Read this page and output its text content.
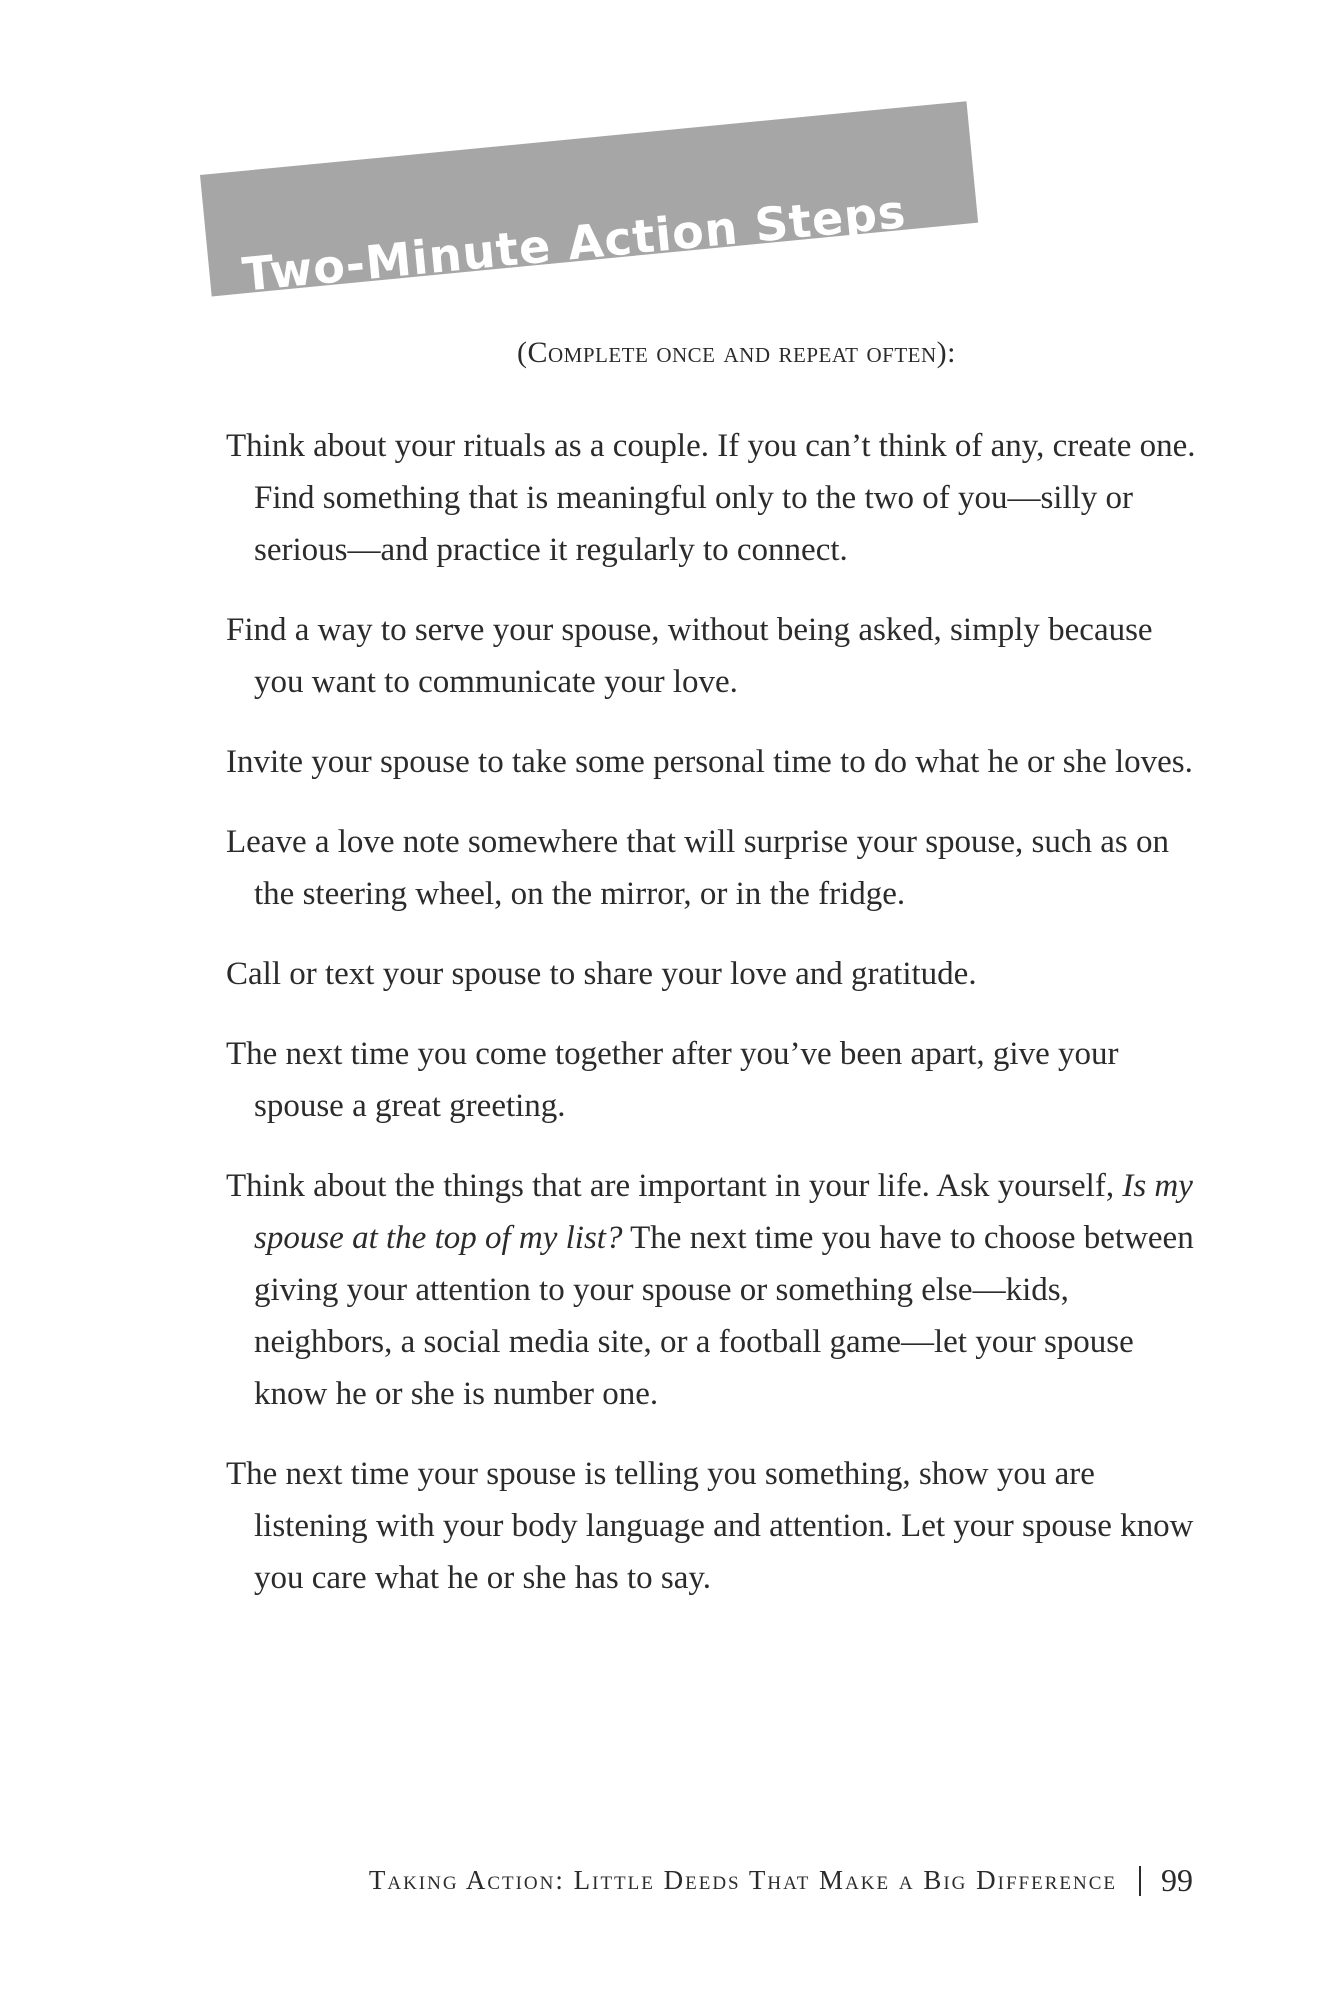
Two-Minute Action Steps
(Complete once and repeat often):
Think about your rituals as a couple. If you can’t think of any, create one. Find something that is meaningful only to the two of you—silly or serious—and practice it regularly to connect.
Find a way to serve your spouse, without being asked, simply because you want to communicate your love.
Invite your spouse to take some personal time to do what he or she loves.
Leave a love note somewhere that will surprise your spouse, such as on the steering wheel, on the mirror, or in the fridge.
Call or text your spouse to share your love and gratitude.
The next time you come together after you’ve been apart, give your spouse a great greeting.
Think about the things that are important in your life. Ask yourself, Is my spouse at the top of my list? The next time you have to choose between giving your attention to your spouse or something else—kids, neighbors, a social media site, or a football game—let your spouse know he or she is number one.
The next time your spouse is telling you something, show you are listening with your body language and attention. Let your spouse know you care what he or she has to say.
Taking Action: Little Deeds That Make a Big Difference 99
